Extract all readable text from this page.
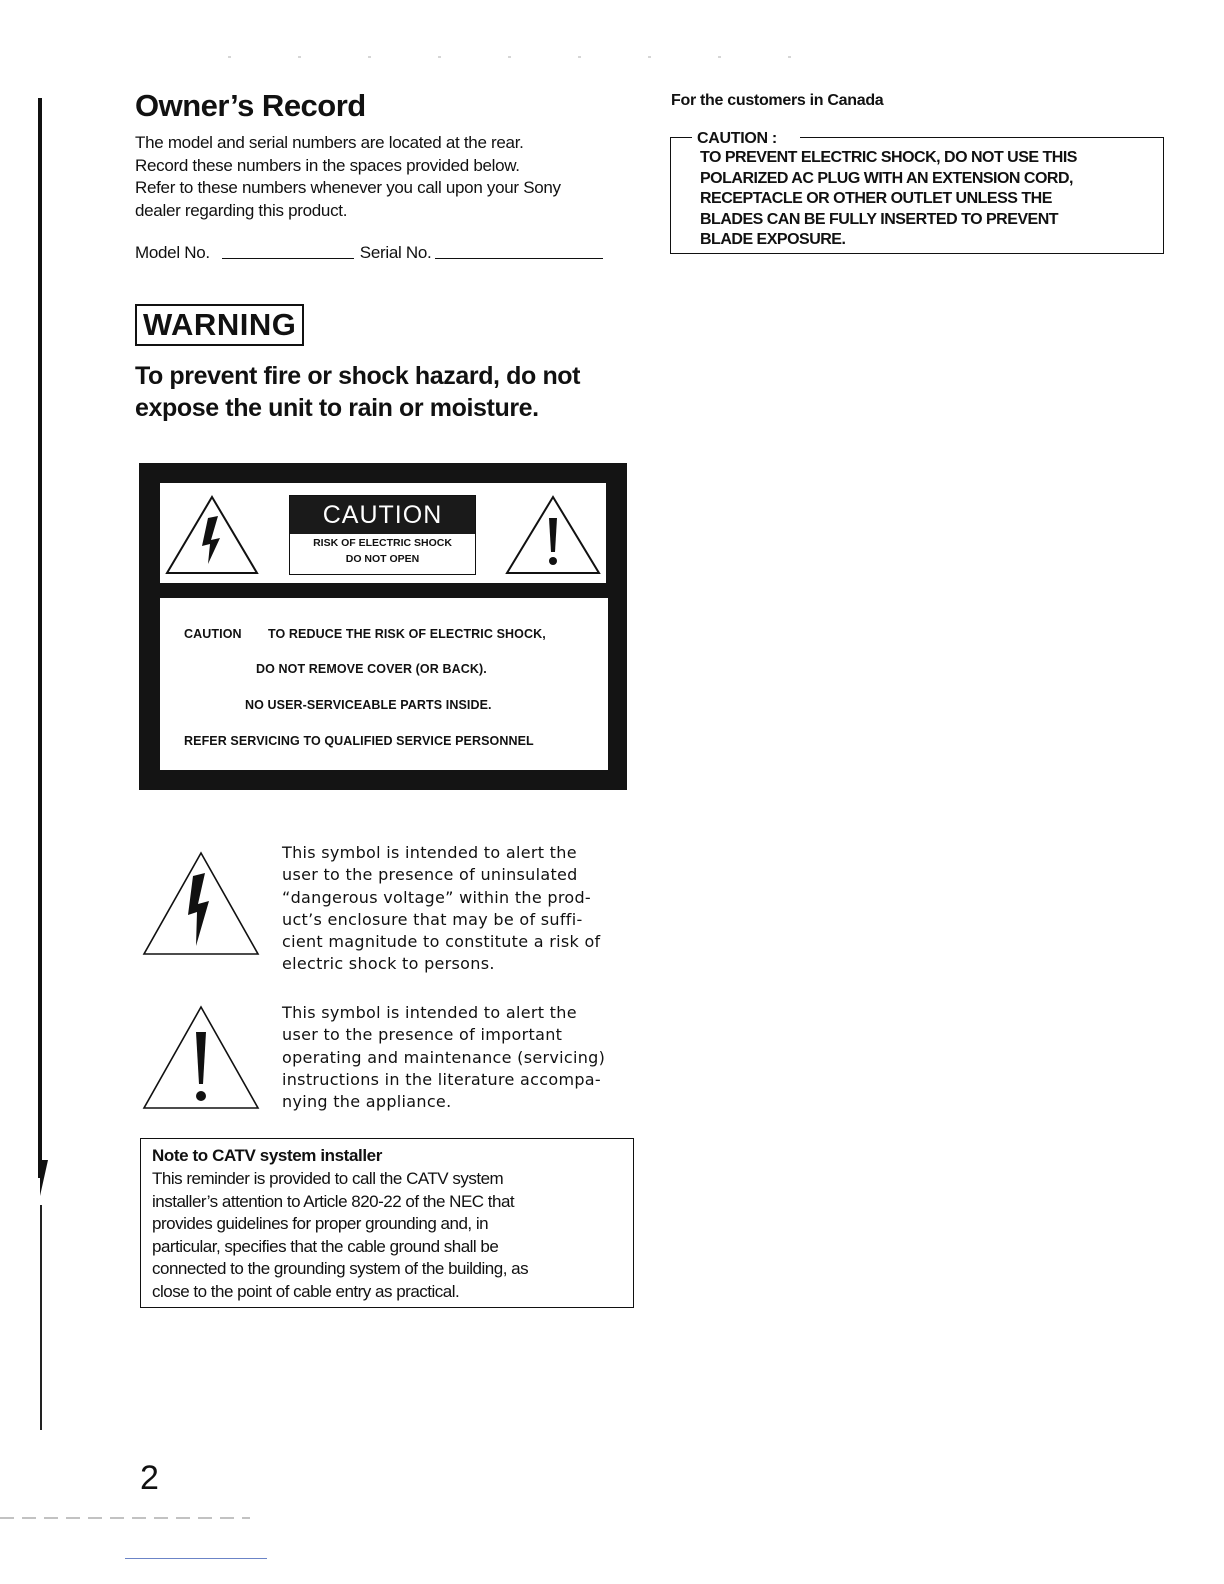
Owner’s Record

The model and serial numbers are located at the rear.

Record these numbers in the spaces provided below.

Refer to these numbers whenever you call upon your Sony

dealer regarding this product.

Model No.	Serial No.
WARNING

To prevent fire or shock hazard, do not

expose the unit to rain or moisture.

CAUTION
RISK OF ELECTRIC SHOCK
DO NOT OPEN
CAUTION TO REDUCE THE RISK OF ELECTRIC SHOCK,
DO NOT REMOVE COVER (OR BACK).
NO USER-SERVICEABLE PARTS INSIDE.
REFER SERVICING TO QUALIFIED SERVICE PERSONNEL

This symbol is intended to alert the

user to the presence of uninsulated

“dangerous voltage” within the prod-

uct’s enclosure that may be of suffi-

cient magnitude to constitute a risk of

electric shock to persons.

This symbol is intended to alert the

user to the presence of important

operating and maintenance (servicing)

instructions in the literature accompa-

nying the appliance.

Note to CATV system installer

This reminder is provided to call the CATV system

installer’s attention to Article 820-22 of the NEC that

provides guidelines for proper grounding and, in

particular, specifies that the cable ground shall be

connected to the grounding system of the building, as

close to the point of cable entry as practical.

For the customers in Canada
CAUTION :

TO PREVENT ELECTRIC SHOCK, DO NOT USE THIS

POLARIZED AC PLUG WITH AN EXTENSION CORD,

RECEPTACLE OR OTHER OUTLET UNLESS THE

BLADES CAN BE FULLY INSERTED TO PREVENT

BLADE EXPOSURE.

2
